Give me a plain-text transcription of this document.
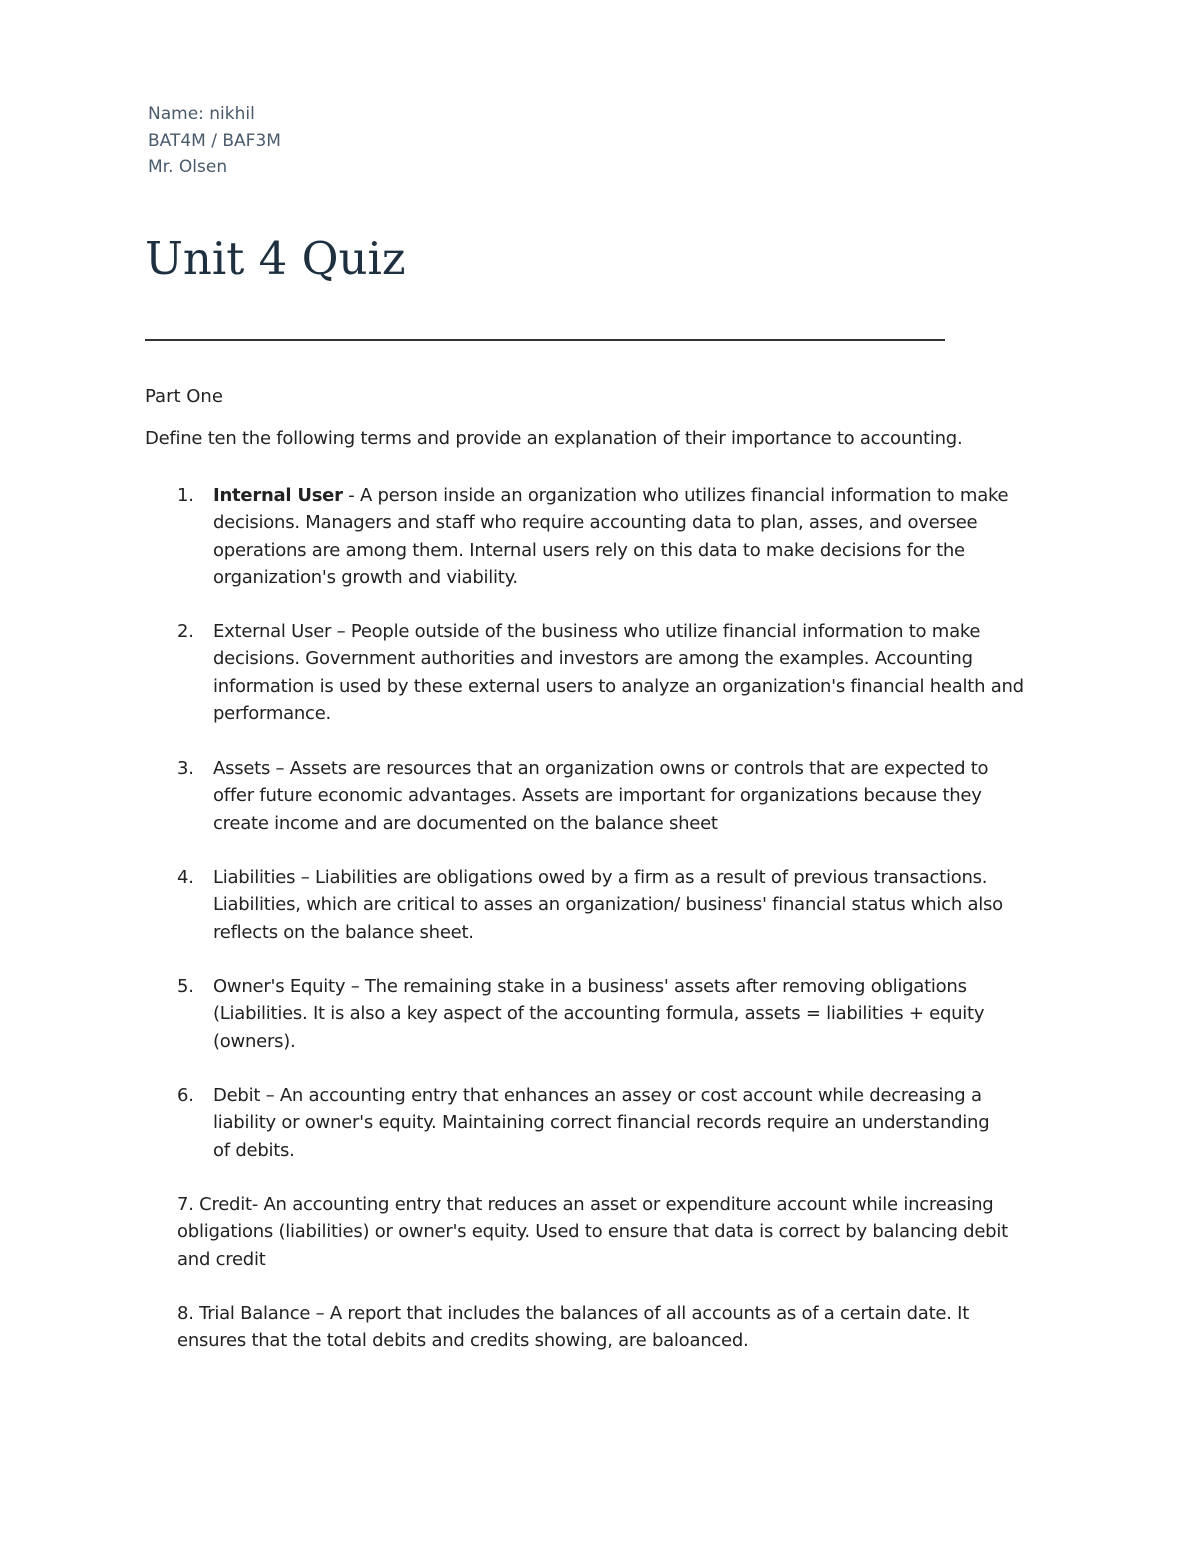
Name: nikhil
BAT4M / BAF3M
Mr. Olsen
Unit 4 Quiz
Part One
Define ten the following terms and provide an explanation of their importance to accounting.
1. Internal User - A person inside an organization who utilizes financial information to make
decisions. Managers and staff who require accounting data to plan, asses, and oversee
operations are among them. Internal users rely on this data to make decisions for the
organization's growth and viability.
2. External User – People outside of the business who utilize financial information to make
decisions. Government authorities and investors are among the examples. Accounting
information is used by these external users to analyze an organization's financial health and
performance.
3. Assets – Assets are resources that an organization owns or controls that are expected to
offer future economic advantages. Assets are important for organizations because they
create income and are documented on the balance sheet
4. Liabilities – Liabilities are obligations owed by a firm as a result of previous transactions.
Liabilities, which are critical to asses an organization/ business' financial status which also
reflects on the balance sheet.
5. Owner's Equity – The remaining stake in a business' assets after removing obligations
(Liabilities. It is also a key aspect of the accounting formula, assets = liabilities + equity
(owners).
6. Debit – An accounting entry that enhances an assey or cost account while decreasing a
liability or owner's equity. Maintaining correct financial records require an understanding
of debits.
7. Credit- An accounting entry that reduces an asset or expenditure account while increasing
obligations (liabilities) or owner's equity. Used to ensure that data is correct by balancing debit
and credit
8. Trial Balance – A report that includes the balances of all accounts as of a certain date. It
ensures that the total debits and credits showing, are baloanced.
